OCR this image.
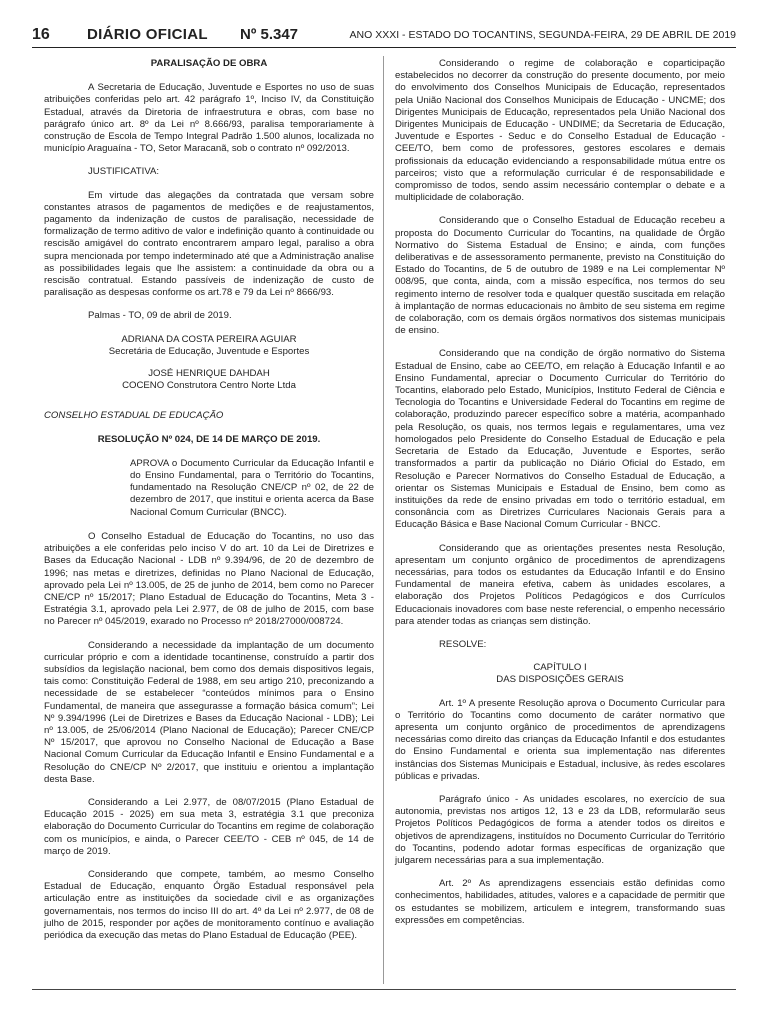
16 DIÁRIO OFICIAL Nº 5.347	ANO XXXI - ESTADO DO TOCANTINS, SEGUNDA-FEIRA, 29 DE ABRIL DE 2019

PARALISAÇÃO DE OBRA

A Secretaria de Educação, Juventude e Esportes no uso de suas atribuições conferidas pelo art. 42 parágrafo 1º, Inciso IV, da Constituição Estadual, através da Diretoria de infraestrutura e obras, com base no parágrafo único art. 8º da Lei nº 8.666/93, paralisa temporariamente à construção de Escola de Tempo Integral Padrão 1.500 alunos, localizada no município Araguaína - TO, Setor Maracanã, sob o contrato nº 092/2013.

JUSTIFICATIVA:

Em virtude das alegações da contratada que versam sobre constantes atrasos de pagamentos de medições e de reajustamentos, pagamento da indenização de custos de paralisação, necessidade de formalização de termo aditivo de valor e indefinição quanto à continuidade ou rescisão amigável do contrato encontrarem amparo legal, paraliso a obra supra mencionada por tempo indeterminado até que a Administração analise as possibilidades legais que lhe assistem: a continuidade da obra ou a rescisão contratual. Estando passíveis de indenização de custo de paralisação as despesas conforme os art.78 e 79 da Lei nº 8666/93.

Palmas - TO, 09 de abril de 2019.

ADRIANA DA COSTA PEREIRA AGUIAR

Secretária de Educação, Juventude e Esportes

JOSÉ HENRIQUE DAHDAH

COCENO Construtora Centro Norte Ltda

CONSELHO ESTADUAL DE EDUCAÇÃO

RESOLUÇÃO Nº 024, DE 14 DE MARÇO DE 2019.

APROVA o Documento Curricular da Educação Infantil e do Ensino Fundamental, para o Território do Tocantins, fundamentado na Resolução CNE/CP nº 02, de 22 de dezembro de 2017, que institui e orienta acerca da Base Nacional Comum Curricular (BNCC).

O Conselho Estadual de Educação do Tocantins, no uso das atribuições a ele conferidas pelo inciso V do art. 10 da Lei de Diretrizes e Bases da Educação Nacional - LDB nº 9.394/96, de 20 de dezembro de 1996; nas metas e diretrizes, definidas no Plano Nacional de Educação, aprovado pela Lei nº 13.005, de 25 de junho de 2014, bem como no Parecer CNE/CP nº 15/2017; Plano Estadual de Educação do Tocantins, Meta 3 - Estratégia 3.1, aprovado pela Lei 2.977, de 08 de julho de 2015, com base no Parecer nº 045/2019, exarado no Processo nº 2018/27000/008724.

Considerando a necessidade da implantação de um documento curricular próprio e com a identidade tocantinense, construído a partir dos subsídios da legislação nacional, bem como dos demais dispositivos legais, tais como: Constituição Federal de 1988, em seu artigo 210, preconizando a necessidade de se estabelecer “conteúdos mínimos para o Ensino Fundamental, de maneira que assegurasse a formação básica comum”; Lei Nº 9.394/1996 (Lei de Diretrizes e Bases da Educação Nacional - LDB); Lei nº 13.005, de 25/06/2014 (Plano Nacional de Educação); Parecer CNE/CP Nº 15/2017, que aprovou no Conselho Nacional de Educação a Base Nacional Comum Curricular da Educação Infantil e Ensino Fundamental e a Resolução do CNE/CP Nº 2/2017, que instituiu e orientou a implantação desta Base.

Considerando a Lei 2.977, de 08/07/2015 (Plano Estadual de Educação 2015 - 2025) em sua meta 3, estratégia 3.1 que preconiza elaboração do Documento Curricular do Tocantins em regime de colaboração com os municípios, e ainda, o Parecer CEE/TO - CEB nº 045, de 14 de março de 2019.

Considerando que compete, também, ao mesmo Conselho Estadual de Educação, enquanto Órgão Estadual responsável pela articulação entre as instituições da sociedade civil e as organizações governamentais, nos termos do inciso III do art. 4º da Lei nº 2.977, de 08 de julho de 2015, responder por ações de monitoramento contínuo e avaliação periódica da execução das metas do Plano Estadual de Educação (PEE).

Considerando o regime de colaboração e coparticipação estabelecidos no decorrer da construção do presente documento, por meio do envolvimento dos Conselhos Municipais de Educação, representados pela União Nacional dos Conselhos Municipais de Educação - UNCME; dos Dirigentes Municipais de Educação, representados pela União Nacional dos Dirigentes Municipais de Educação - UNDIME; da Secretaria de Educação, Juventude e Esportes - Seduc e do Conselho Estadual de Educação - CEE/TO, bem como de professores, gestores escolares e demais profissionais da educação evidenciando a responsabilidade mútua entre os parceiros; visto que a reformulação curricular é de responsabilidade e compromisso de todos, sendo assim necessário contemplar o debate e a multiplicidade de colaboração.

Considerando que o Conselho Estadual de Educação recebeu a proposta do Documento Curricular do Tocantins, na qualidade de Órgão Normativo do Sistema Estadual de Ensino; e ainda, com funções deliberativas e de assessoramento permanente, previsto na Constituição do Estado do Tocantins, de 5 de outubro de 1989 e na Lei complementar Nº 008/95, que conta, ainda, com a missão específica, nos termos do seu regimento interno de resolver toda e qualquer questão suscitada em relação à implantação de normas educacionais no âmbito de seu sistema em regime de colaboração, com os demais órgãos normativos dos sistemas municipais de ensino.

Considerando que na condição de órgão normativo do Sistema Estadual de Ensino, cabe ao CEE/TO, em relação à Educação Infantil e ao Ensino Fundamental, apreciar o Documento Curricular do Território do Tocantins, elaborado pelo Estado, Municípios, Instituto Federal de Ciência e Tecnologia do Tocantins e Universidade Federal do Tocantins em regime de colaboração, produzindo parecer específico sobre a matéria, acompanhado pela Resolução, os quais, nos termos legais e regulamentares, uma vez homologados pelo Presidente do Conselho Estadual de Educação e pela Secretaria de Estado da Educação, Juventude e Esportes, serão transformados a partir da publicação no Diário Oficial do Estado, em Resolução e Parecer Normativos do Conselho Estadual de Educação, a orientar os Sistemas Municipais e Estadual de Ensino, bem como as instituições da rede de ensino privadas em todo o território estadual, em consonância com as Diretrizes Curriculares Nacionais Gerais para a Educação Básica e Base Nacional Comum Curricular - BNCC.

Considerando que as orientações presentes nesta Resolução, apresentam um conjunto orgânico de procedimentos de aprendizagens necessárias, para todos os estudantes da Educação Infantil e do Ensino Fundamental de maneira efetiva, cabem às unidades escolares, a elaboração dos Projetos Políticos Pedagógicos e dos Currículos Educacionais inovadores com base neste referencial, o empenho necessário para atender todas as crianças sem distinção.

RESOLVE:

CAPÍTULO I

DAS DISPOSIÇÕES GERAIS

Art. 1º A presente Resolução aprova o Documento Curricular para o Território do Tocantins como documento de caráter normativo que apresenta um conjunto orgânico de procedimentos de aprendizagens necessárias como direito das crianças da Educação Infantil e dos estudantes do Ensino Fundamental e orienta sua implementação nas diferentes instâncias dos Sistemas Municipais e Estadual, inclusive, às redes escolares públicas e privadas.

Parágrafo único - As unidades escolares, no exercício de sua autonomia, previstas nos artigos 12, 13 e 23 da LDB, reformularão seus Projetos Políticos Pedagógicos de forma a atender todos os direitos e objetivos de aprendizagens, instituídos no Documento Curricular do Território do Tocantins, podendo adotar formas específicas de organização que julgarem necessárias para a sua implementação.

Art. 2º As aprendizagens essenciais estão definidas como conhecimentos, habilidades, atitudes, valores e a capacidade de permitir que os estudantes se mobilizem, articulem e integrem, transformando suas expressões em competências.
